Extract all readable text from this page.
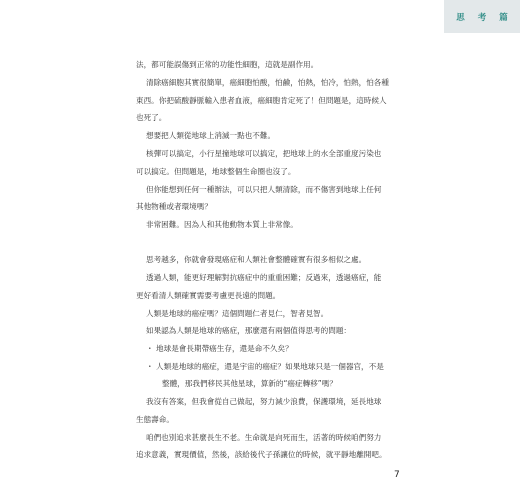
思 考 篇
法，都可能誤傷到正常的功能性細胞，這就是副作用。
清除癌細胞其實很簡單，癌細胞怕酸，怕鹼，怕熱，怕冷，怕熱，怕各種
東西。你把硫酸靜脈輸入患者血液，癌細胞肯定死了！但問題是，這時候人
也死了。
想要把人類從地球上消滅一點也不難。
核彈可以搞定，小行星撞地球可以搞定，把地球上的水全部重度污染也
可以搞定。但問題是，地球整個生命圈也沒了。
但你能想到任何一種辦法，可以只把人類清除，而不傷害到地球上任何
其他物種或者環境嗎？
非常困難。因為人和其他動物本質上非常像。
思考越多，你就會發現癌症和人類社會整體確實有很多相似之處。
透過人類，能更好理解對抗癌症中的重重困難；反過來，透過癌症，能
更好看清人類確實需要考慮更長遠的問題。
人類是地球的癌症嗎？這個問題仁者見仁，智者見智。
如果認為人類是地球的癌症，那麼還有兩個值得思考的問題：
・ 地球是會長期帶癌生存，還是命不久矣？
・ 人類是地球的癌症，還是宇宙的癌症？如果地球只是一個器官，不是
整體，那我們移民其他星球，算新的“癌症轉移”嗎？
我沒有答案，但我會從自己做起，努力減少浪費，保護環境，延長地球
生態壽命。
咱們也別追求甚麼長生不老。生命就是向死而生，活著的時候咱們努力
追求意義，實現價值，然後，該給後代子孫讓位的時候，就平靜地離開吧。
7
